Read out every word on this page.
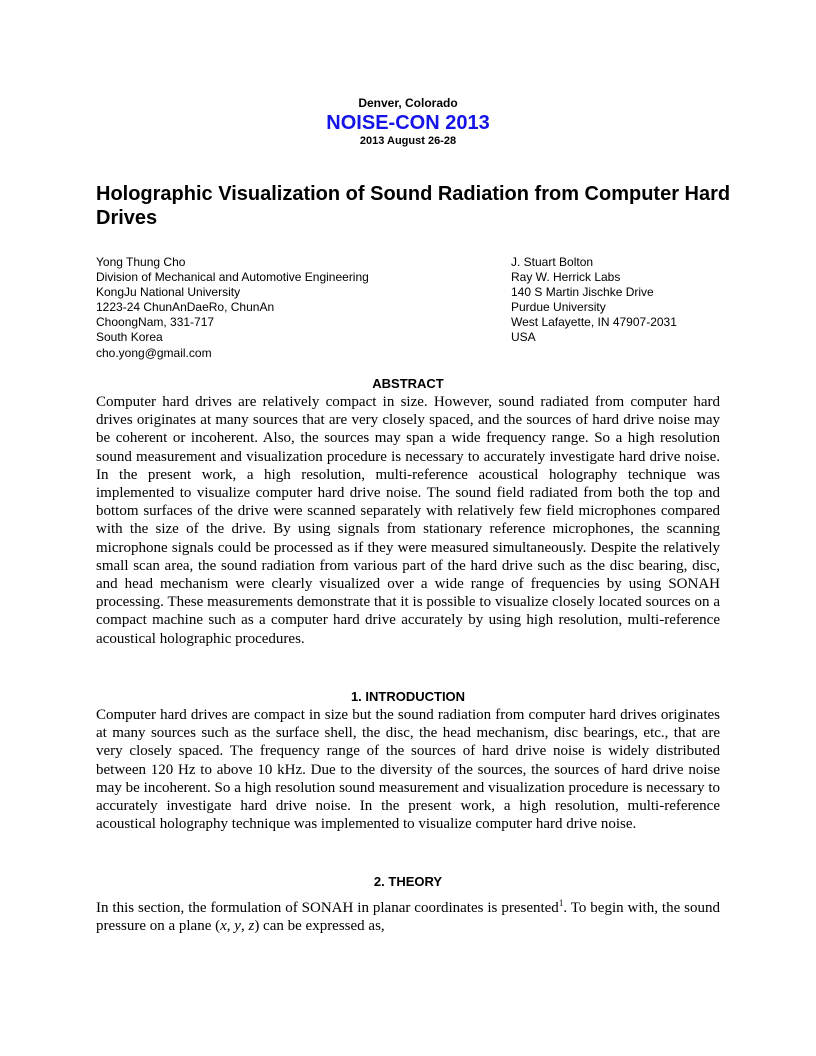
Denver, Colorado
NOISE-CON 2013
2013 August 26-28
Holographic Visualization of Sound Radiation from Computer Hard Drives
Yong Thung Cho
Division of Mechanical and Automotive Engineering
KongJu National University
1223-24 ChunAnDaeRo, ChunAn
ChoongNam, 331-717
South Korea
cho.yong@gmail.com
J. Stuart Bolton
Ray W. Herrick Labs
140 S Martin Jischke Drive
Purdue University
West Lafayette, IN 47907-2031
USA
ABSTRACT

Computer hard drives are relatively compact in size. However, sound radiated from computer hard drives originates at many sources that are very closely spaced, and the sources of hard drive noise may be coherent or incoherent. Also, the sources may span a wide frequency range. So a high resolution sound measurement and visualization procedure is necessary to accurately investigate hard drive noise. In the present work, a high resolution, multi-reference acoustical holography technique was implemented to visualize computer hard drive noise. The sound field radiated from both the top and bottom surfaces of the drive were scanned separately with relatively few field microphones compared with the size of the drive. By using signals from stationary reference microphones, the scanning microphone signals could be processed as if they were measured simultaneously. Despite the relatively small scan area, the sound radiation from various part of the hard drive such as the disc bearing, disc, and head mechanism were clearly visualized over a wide range of frequencies by using SONAH processing. These measurements demonstrate that it is possible to visualize closely located sources on a compact machine such as a computer hard drive accurately by using high resolution, multi-reference acoustical holographic procedures.

1. INTRODUCTION

Computer hard drives are compact in size but the sound radiation from computer hard drives originates at many sources such as the surface shell, the disc, the head mechanism, disc bearings, etc., that are very closely spaced. The frequency range of the sources of hard drive noise is widely distributed between 120 Hz to above 10 kHz. Due to the diversity of the sources, the sources of hard drive noise may be incoherent. So a high resolution sound measurement and visualization procedure is necessary to accurately investigate hard drive noise. In the present work, a high resolution, multi-reference acoustical holography technique was implemented to visualize computer hard drive noise.

2. THEORY

In this section, the formulation of SONAH in planar coordinates is presented$^1$. To begin with, the sound pressure on a plane (x, y, z) can be expressed as,
